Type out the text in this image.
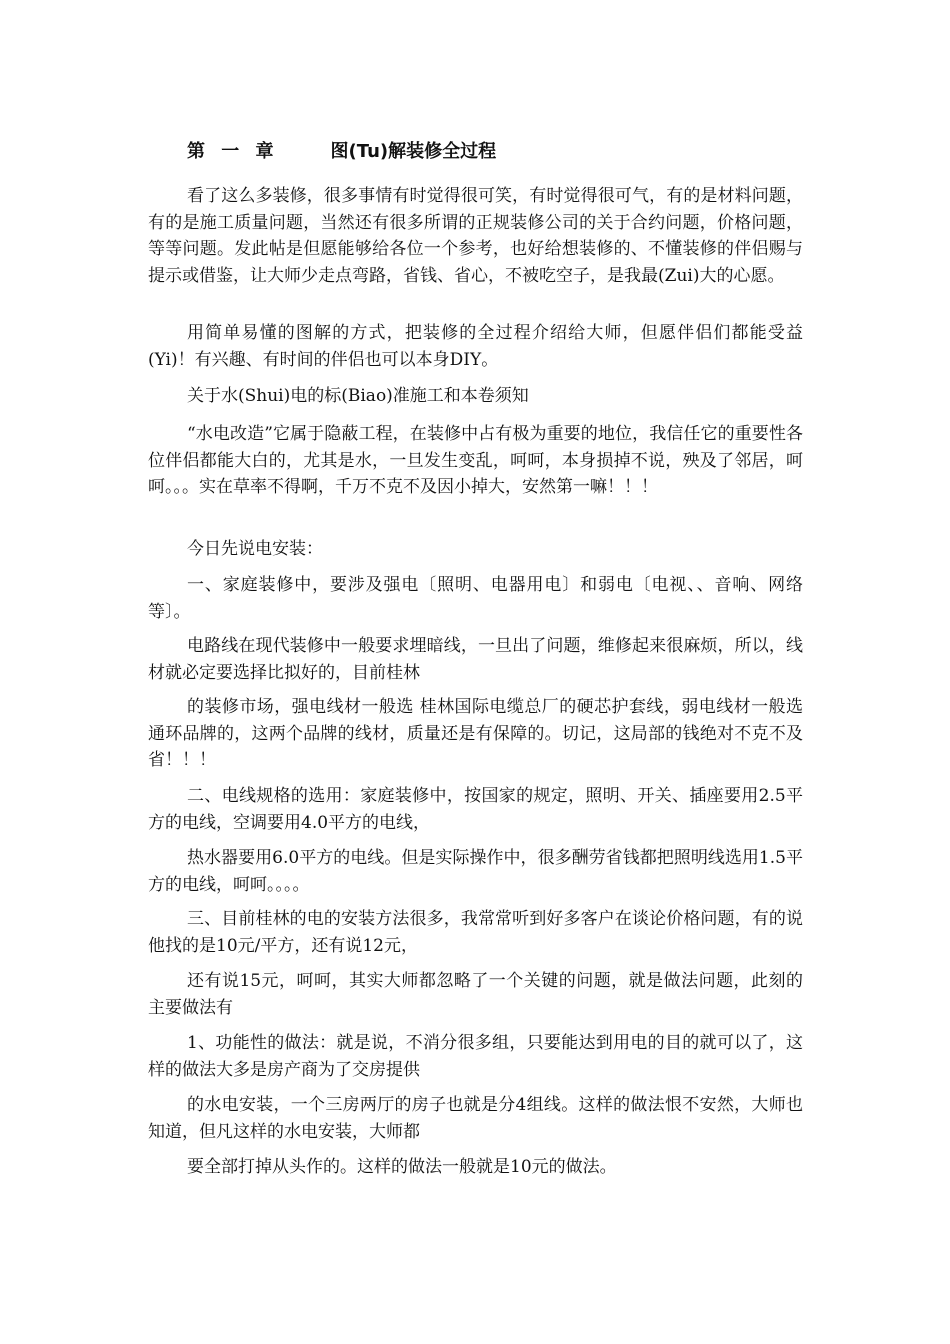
第 一 章	图(Tu)解装修全过程

看了这么多装修，很多事情有时觉得很可笑，有时觉得很可气，有的是材料问题，有的是施工质量问题，当然还有很多所谓的正规装修公司的关于合约问题，价格问题，等等问题。发此帖是但愿能够给各位一个参考，也好给想装修的、不懂装修的伴侣赐与提示或借鉴，让大师少走点弯路，省钱、省心，不被吃空子，是我最(Zui)大的心愿。

用简单易懂的图解的方式，把装修的全过程介绍给大师，但愿伴侣们都能受益(Yi)！有兴趣、有时间的伴侣也可以本身DIY。

关于水(Shui)电的标(Biao)准施工和本卷须知

“水电改造”它属于隐蔽工程，在装修中占有极为重要的地位，我信任它的重要性各位伴侣都能大白的，尤其是水，一旦发生变乱，呵呵，本身损掉不说，殃及了邻居，呵呵。。。实在草率不得啊，千万不克不及因小掉大，安然第一嘛！！！

今日先说电安装：

一、家庭装修中，要涉及强电〔照明、电器用电〕和弱电〔电视、、音响、网络等〕。

电路线在现代装修中一般要求埋暗线，一旦出了问题，维修起来很麻烦，所以，线材就必定要选择比拟好的，目前桂林

的装修市场，强电线材一般选 桂林国际电缆总厂的硬芯护套线，弱电线材一般选 通环品牌的，这两个品牌的线材，质量还是有保障的。切记，这局部的钱绝对不克不及省！！！

二、电线规格的选用：家庭装修中，按国家的规定，照明、开关、插座要用2.5平方的电线，空调要用4.0平方的电线，

热水器要用6.0平方的电线。但是实际操作中，很多酬劳省钱都把照明线选用1.5平方的电线，呵呵。。。。

三、目前桂林的电的安装方法很多，我常常听到好多客户在谈论价格问题，有的说他找的是10元/平方，还有说12元，

还有说15元，呵呵，其实大师都忽略了一个关键的问题，就是做法问题，此刻的主要做法有

1、功能性的做法：就是说，不消分很多组，只要能达到用电的目的就可以了，这样的做法大多是房产商为了交房提供

的水电安装，一个三房两厅的房子也就是分4组线。这样的做法恨不安然，大师也知道，但凡这样的水电安装，大师都

要全部打掉从头作的。这样的做法一般就是10元的做法。
